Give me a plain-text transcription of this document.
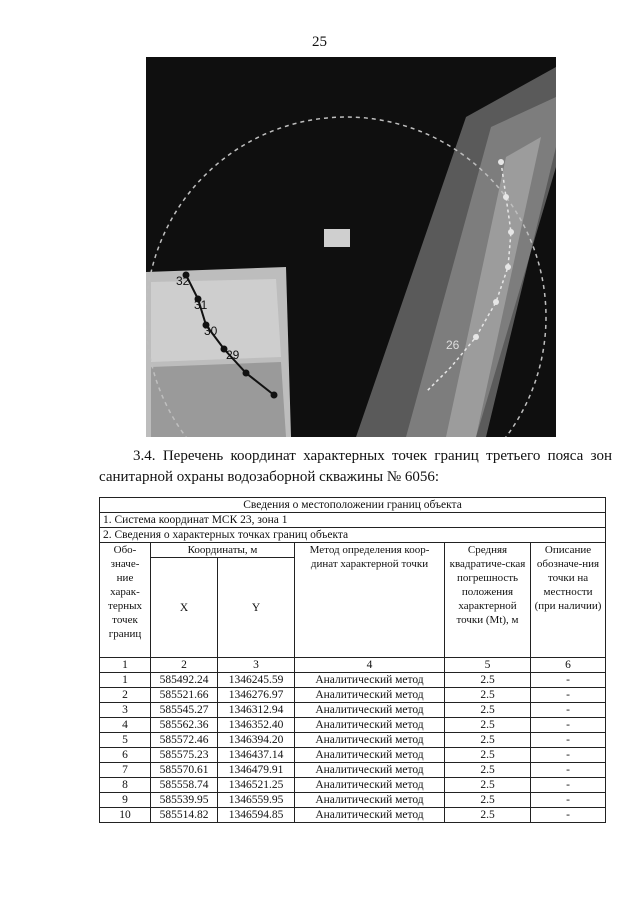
25
32
31
30
29
26
3.4. Перечень координат характерных точек границ третьего пояса зон
санитарной охраны водозаборной скважины № 6056:
Сведения о местоположении границ объекта					
1. Система координат МСК 23, зона 1					
2. Сведения о характерных точках границ объекта					
Обо-значе-ние харак-терных точек границ	Координаты, м		Метод определения коор-динат характерной точки	Средняя квадратиче-ская погрешность положения характерной точки (Mt), м	Описание обозначе-ния точки на местности (при наличии)
	X	Y			
1	2	3	4	5	6
1	585492.24	1346245.59	Аналитический метод	2.5	-
2	585521.66	1346276.97	Аналитический метод	2.5	-
3	585545.27	1346312.94	Аналитический метод	2.5	-
4	585562.36	1346352.40	Аналитический метод	2.5	-
5	585572.46	1346394.20	Аналитический метод	2.5	-
6	585575.23	1346437.14	Аналитический метод	2.5	-
7	585570.61	1346479.91	Аналитический метод	2.5	-
8	585558.74	1346521.25	Аналитический метод	2.5	-
9	585539.95	1346559.95	Аналитический метод	2.5	-
10	585514.82	1346594.85	Аналитический метод	2.5	-
